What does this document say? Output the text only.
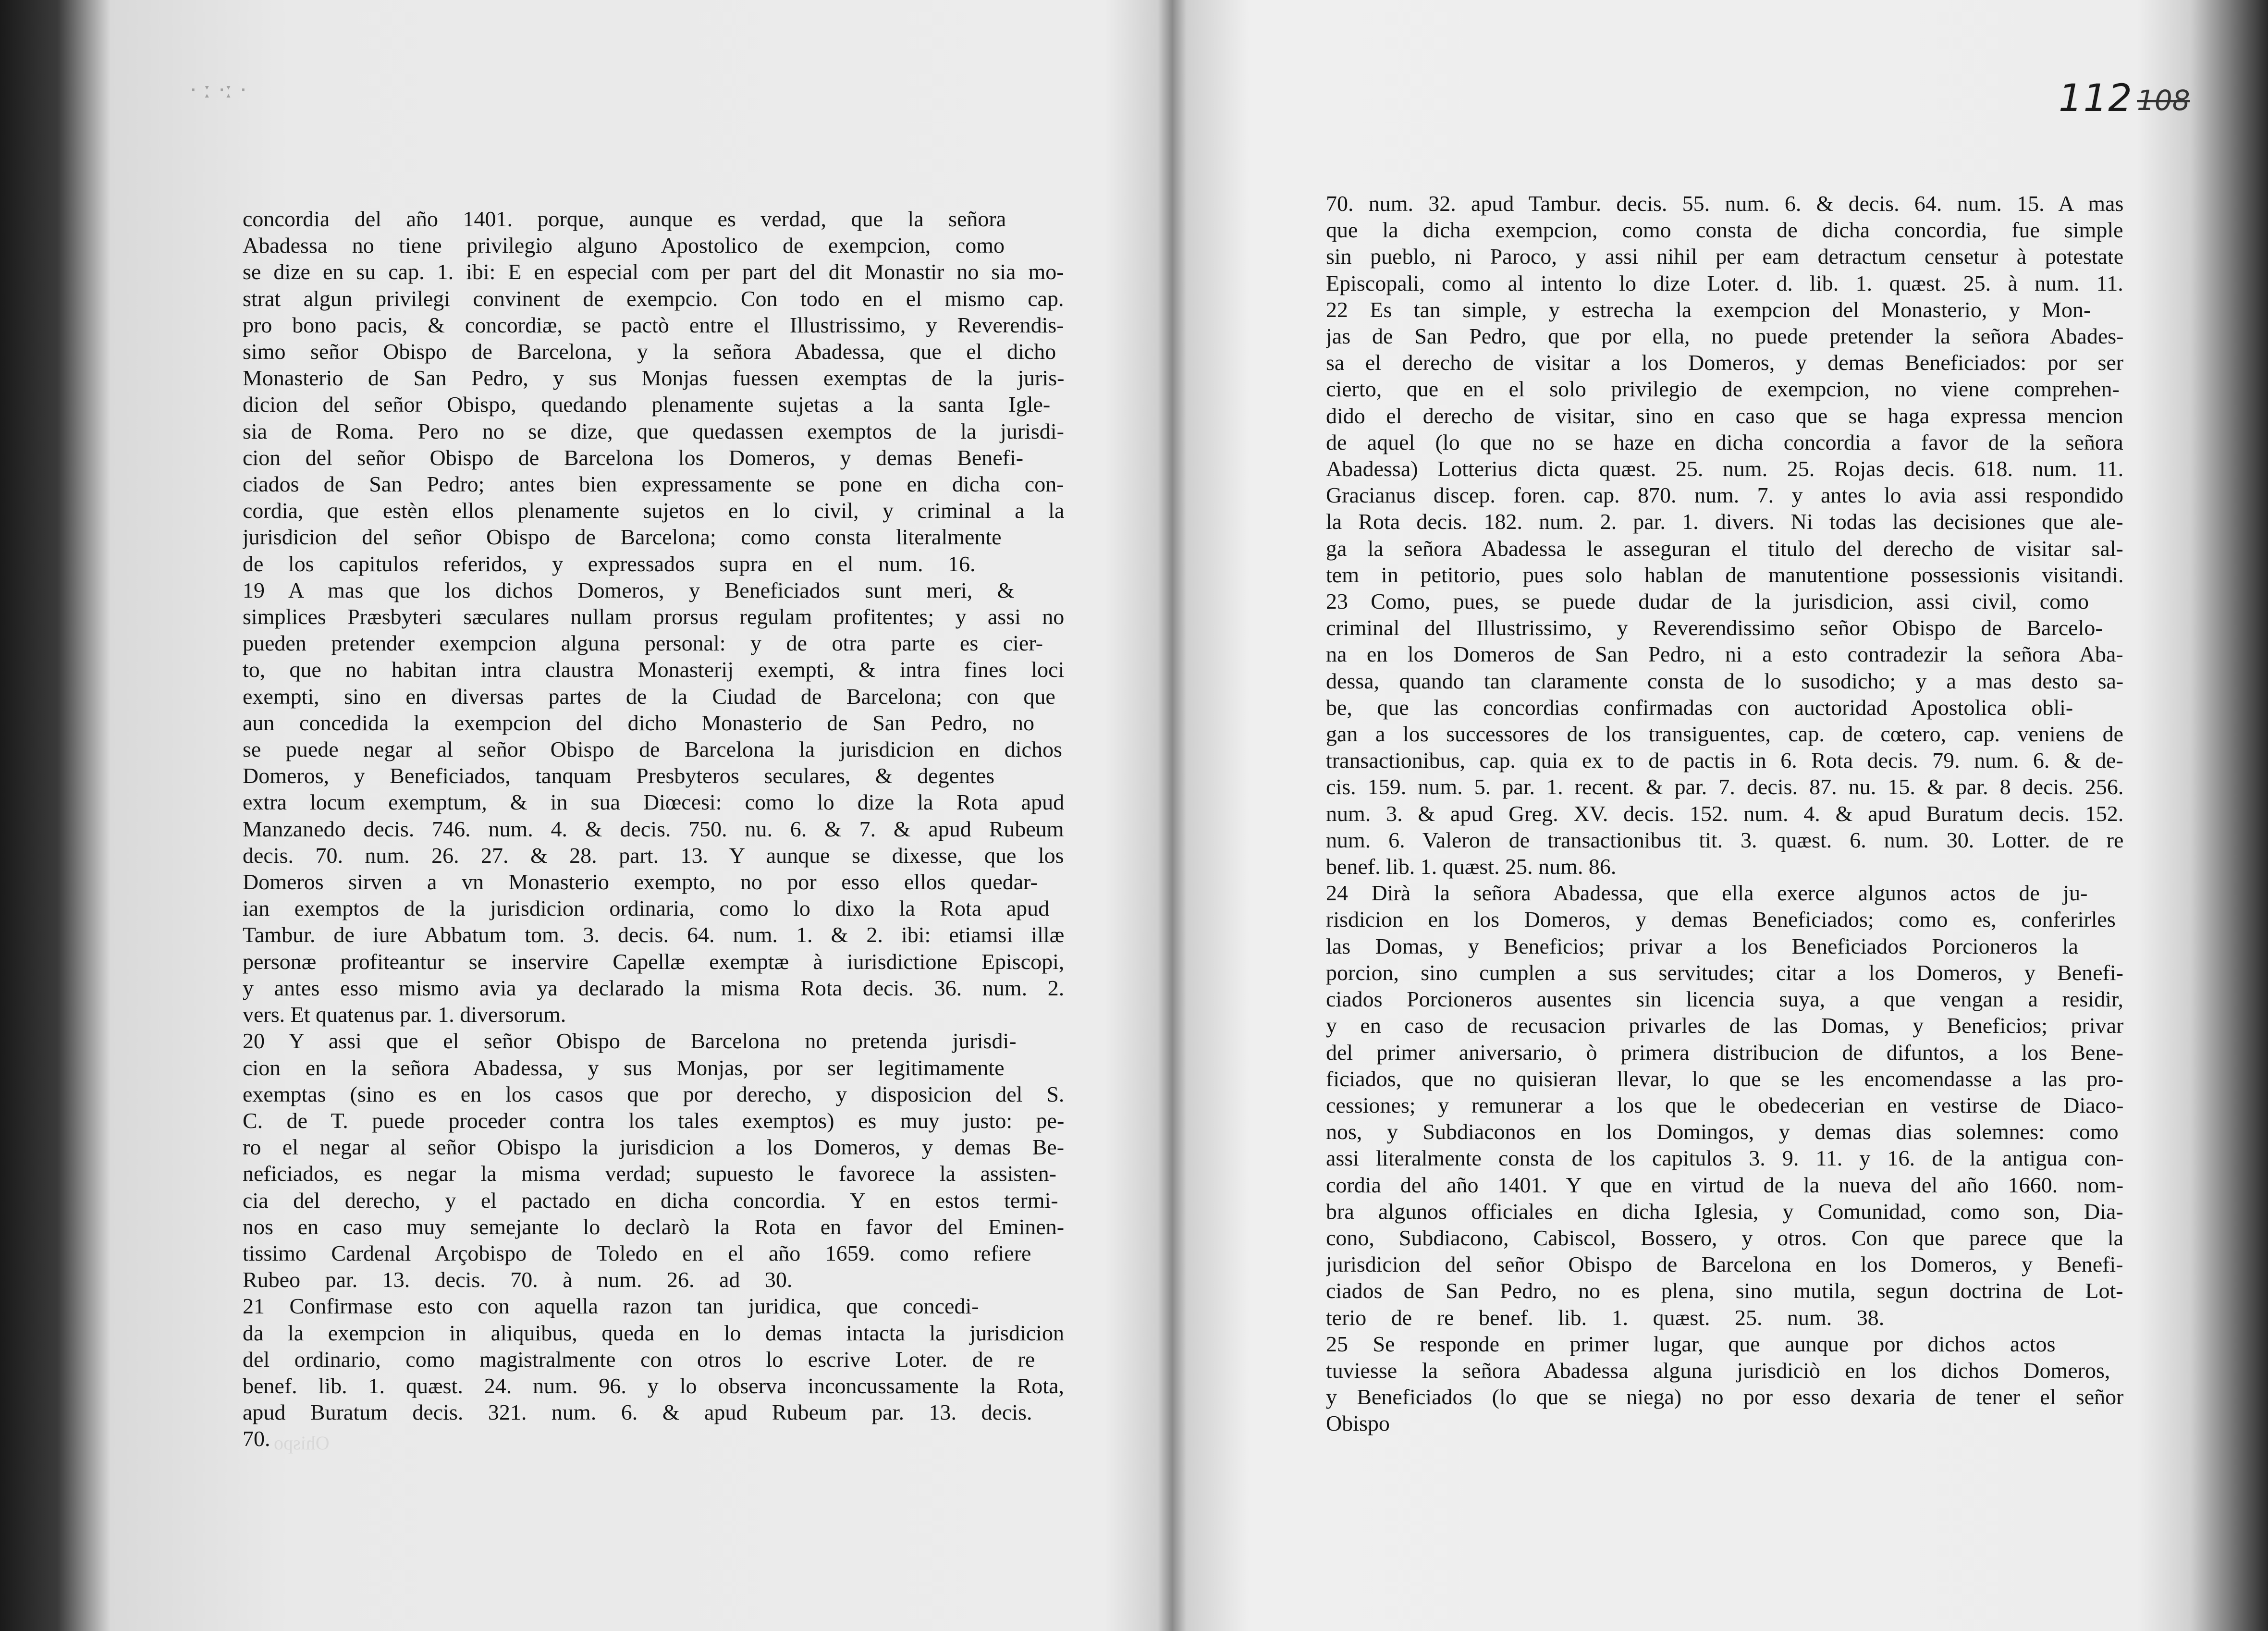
· ː ·ː ·
Ohispo

concordia del año 1401. porque, aunque es verdad, que la señora

Abadessa no tiene privilegio alguno Apostolico de exempcion, como

se dize en su cap. 1. ibi: E en especial com per part del dit Monastir no sia mo-

strat algun privilegi convinent de exempcio. Con todo en el mismo cap.

pro bono pacis, & concordiæ, se pactò entre el Illustrissimo, y Reverendis-

simo señor Obispo de Barcelona, y la señora Abadessa, que el dicho

Monasterio de San Pedro, y sus Monjas fuessen exemptas de la juris-

dicion del señor Obispo, quedando plenamente sujetas a la santa Igle-

sia de Roma. Pero no se dize, que quedassen exemptos de la jurisdi-

cion del señor Obispo de Barcelona los Domeros, y demas Benefi-

ciados de San Pedro; antes bien expressamente se pone en dicha con-

cordia, que estèn ellos plenamente sujetos en lo civil, y criminal a la

jurisdicion del señor Obispo de Barcelona; como consta literalmente

de los capitulos referidos, y expressados supra en el num. 16.

19 A mas que los dichos Domeros, y Beneficiados sunt meri, &

simplices Præsbyteri sæculares nullam prorsus regulam profitentes; y assi no

pueden pretender exempcion alguna personal: y de otra parte es cier-

to, que no habitan intra claustra Monasterij exempti, & intra fines loci

exempti, sino en diversas partes de la Ciudad de Barcelona; con que

aun concedida la exempcion del dicho Monasterio de San Pedro, no

se puede negar al señor Obispo de Barcelona la jurisdicion en dichos

Domeros, y Beneficiados, tanquam Presbyteros seculares, & degentes

extra locum exemptum, & in sua Diœcesi: como lo dize la Rota apud

Manzanedo decis. 746. num. 4. & decis. 750. nu. 6. & 7. & apud Rubeum

decis. 70. num. 26. 27. & 28. part. 13. Y aunque se dixesse, que los

Domeros sirven a vn Monasterio exempto, no por esso ellos quedar-

ian exemptos de la jurisdicion ordinaria, como lo dixo la Rota apud

Tambur. de iure Abbatum tom. 3. decis. 64. num. 1. & 2. ibi: etiamsi illæ

personæ profiteantur se inservire Capellæ exemptæ à iurisdictione Episcopi,

y antes esso mismo avia ya declarado la misma Rota decis. 36. num. 2.

vers. Et quatenus par. 1. diversorum.

20 Y assi que el señor Obispo de Barcelona no pretenda jurisdi-

cion en la señora Abadessa, y sus Monjas, por ser legitimamente

exemptas (sino es en los casos que por derecho, y disposicion del S.

C. de T. puede proceder contra los tales exemptos) es muy justo: pe-

ro el negar al señor Obispo la jurisdicion a los Domeros, y demas Be-

neficiados, es negar la misma verdad; supuesto le favorece la assisten-

cia del derecho, y el pactado en dicha concordia. Y en estos termi-

nos en caso muy semejante lo declarò la Rota en favor del Eminen-

tissimo Cardenal Arçobispo de Toledo en el año 1659. como refiere

Rubeo par. 13. decis. 70. à num. 26. ad 30.

21 Confirmase esto con aquella razon tan juridica, que concedi-

da la exempcion in aliquibus, queda en lo demas intacta la jurisdicion

del ordinario, como magistralmente con otros lo escrive Loter. de re

benef. lib. 1. quæst. 24. num. 96. y lo observa inconcussamente la Rota,

apud Buratum decis. 321. num. 6. & apud Rubeum par. 13. decis.

70.

112 108

70. num. 32. apud Tambur. decis. 55. num. 6. & decis. 64. num. 15. A mas

que la dicha exempcion, como consta de dicha concordia, fue simple

sin pueblo, ni Paroco, y assi nihil per eam detractum censetur à potestate

Episcopali, como al intento lo dize Loter. d. lib. 1. quæst. 25. à num. 11.

22 Es tan simple, y estrecha la exempcion del Monasterio, y Mon-

jas de San Pedro, que por ella, no puede pretender la señora Abades-

sa el derecho de visitar a los Domeros, y demas Beneficiados: por ser

cierto, que en el solo privilegio de exempcion, no viene comprehen-

dido el derecho de visitar, sino en caso que se haga expressa mencion

de aquel (lo que no se haze en dicha concordia a favor de la señora

Abadessa) Lotterius dicta quæst. 25. num. 25. Rojas decis. 618. num. 11.

Gracianus discep. foren. cap. 870. num. 7. y antes lo avia assi respondido

la Rota decis. 182. num. 2. par. 1. divers. Ni todas las decisiones que ale-

ga la señora Abadessa le asseguran el titulo del derecho de visitar sal-

tem in petitorio, pues solo hablan de manutentione possessionis visitandi.

23 Como, pues, se puede dudar de la jurisdicion, assi civil, como

criminal del Illustrissimo, y Reverendissimo señor Obispo de Barcelo-

na en los Domeros de San Pedro, ni a esto contradezir la señora Aba-

dessa, quando tan claramente consta de lo susodicho; y a mas desto sa-

be, que las concordias confirmadas con auctoridad Apostolica obli-

gan a los successores de los transiguentes, cap. de cœtero, cap. veniens de

transactionibus, cap. quia ex to de pactis in 6. Rota decis. 79. num. 6. & de-

cis. 159. num. 5. par. 1. recent. & par. 7. decis. 87. nu. 15. & par. 8 decis. 256.

num. 3. & apud Greg. XV. decis. 152. num. 4. & apud Buratum decis. 152.

num. 6. Valeron de transactionibus tit. 3. quæst. 6. num. 30. Lotter. de re

benef. lib. 1. quæst. 25. num. 86.

24 Dirà la señora Abadessa, que ella exerce algunos actos de ju-

risdicion en los Domeros, y demas Beneficiados; como es, conferirles

las Domas, y Beneficios; privar a los Beneficiados Porcioneros la

porcion, sino cumplen a sus servitudes; citar a los Domeros, y Benefi-

ciados Porcioneros ausentes sin licencia suya, a que vengan a residir,

y en caso de recusacion privarles de las Domas, y Beneficios; privar

del primer aniversario, ò primera distribucion de difuntos, a los Bene-

ficiados, que no quisieran llevar, lo que se les encomendasse a las pro-

cessiones; y remunerar a los que le obedecerian en vestirse de Diaco-

nos, y Subdiaconos en los Domingos, y demas dias solemnes: como

assi literalmente consta de los capitulos 3. 9. 11. y 16. de la antigua con-

cordia del año 1401. Y que en virtud de la nueva del año 1660. nom-

bra algunos officiales en dicha Iglesia, y Comunidad, como son, Dia-

cono, Subdiacono, Cabiscol, Bossero, y otros. Con que parece que la

jurisdicion del señor Obispo de Barcelona en los Domeros, y Benefi-

ciados de San Pedro, no es plena, sino mutila, segun doctrina de Lot-

terio de re benef. lib. 1. quæst. 25. num. 38.

25 Se responde en primer lugar, que aunque por dichos actos

tuviesse la señora Abadessa alguna jurisdiciò en los dichos Domeros,

y Beneficiados (lo que se niega) no por esso dexaria de tener el señor

Obispo
